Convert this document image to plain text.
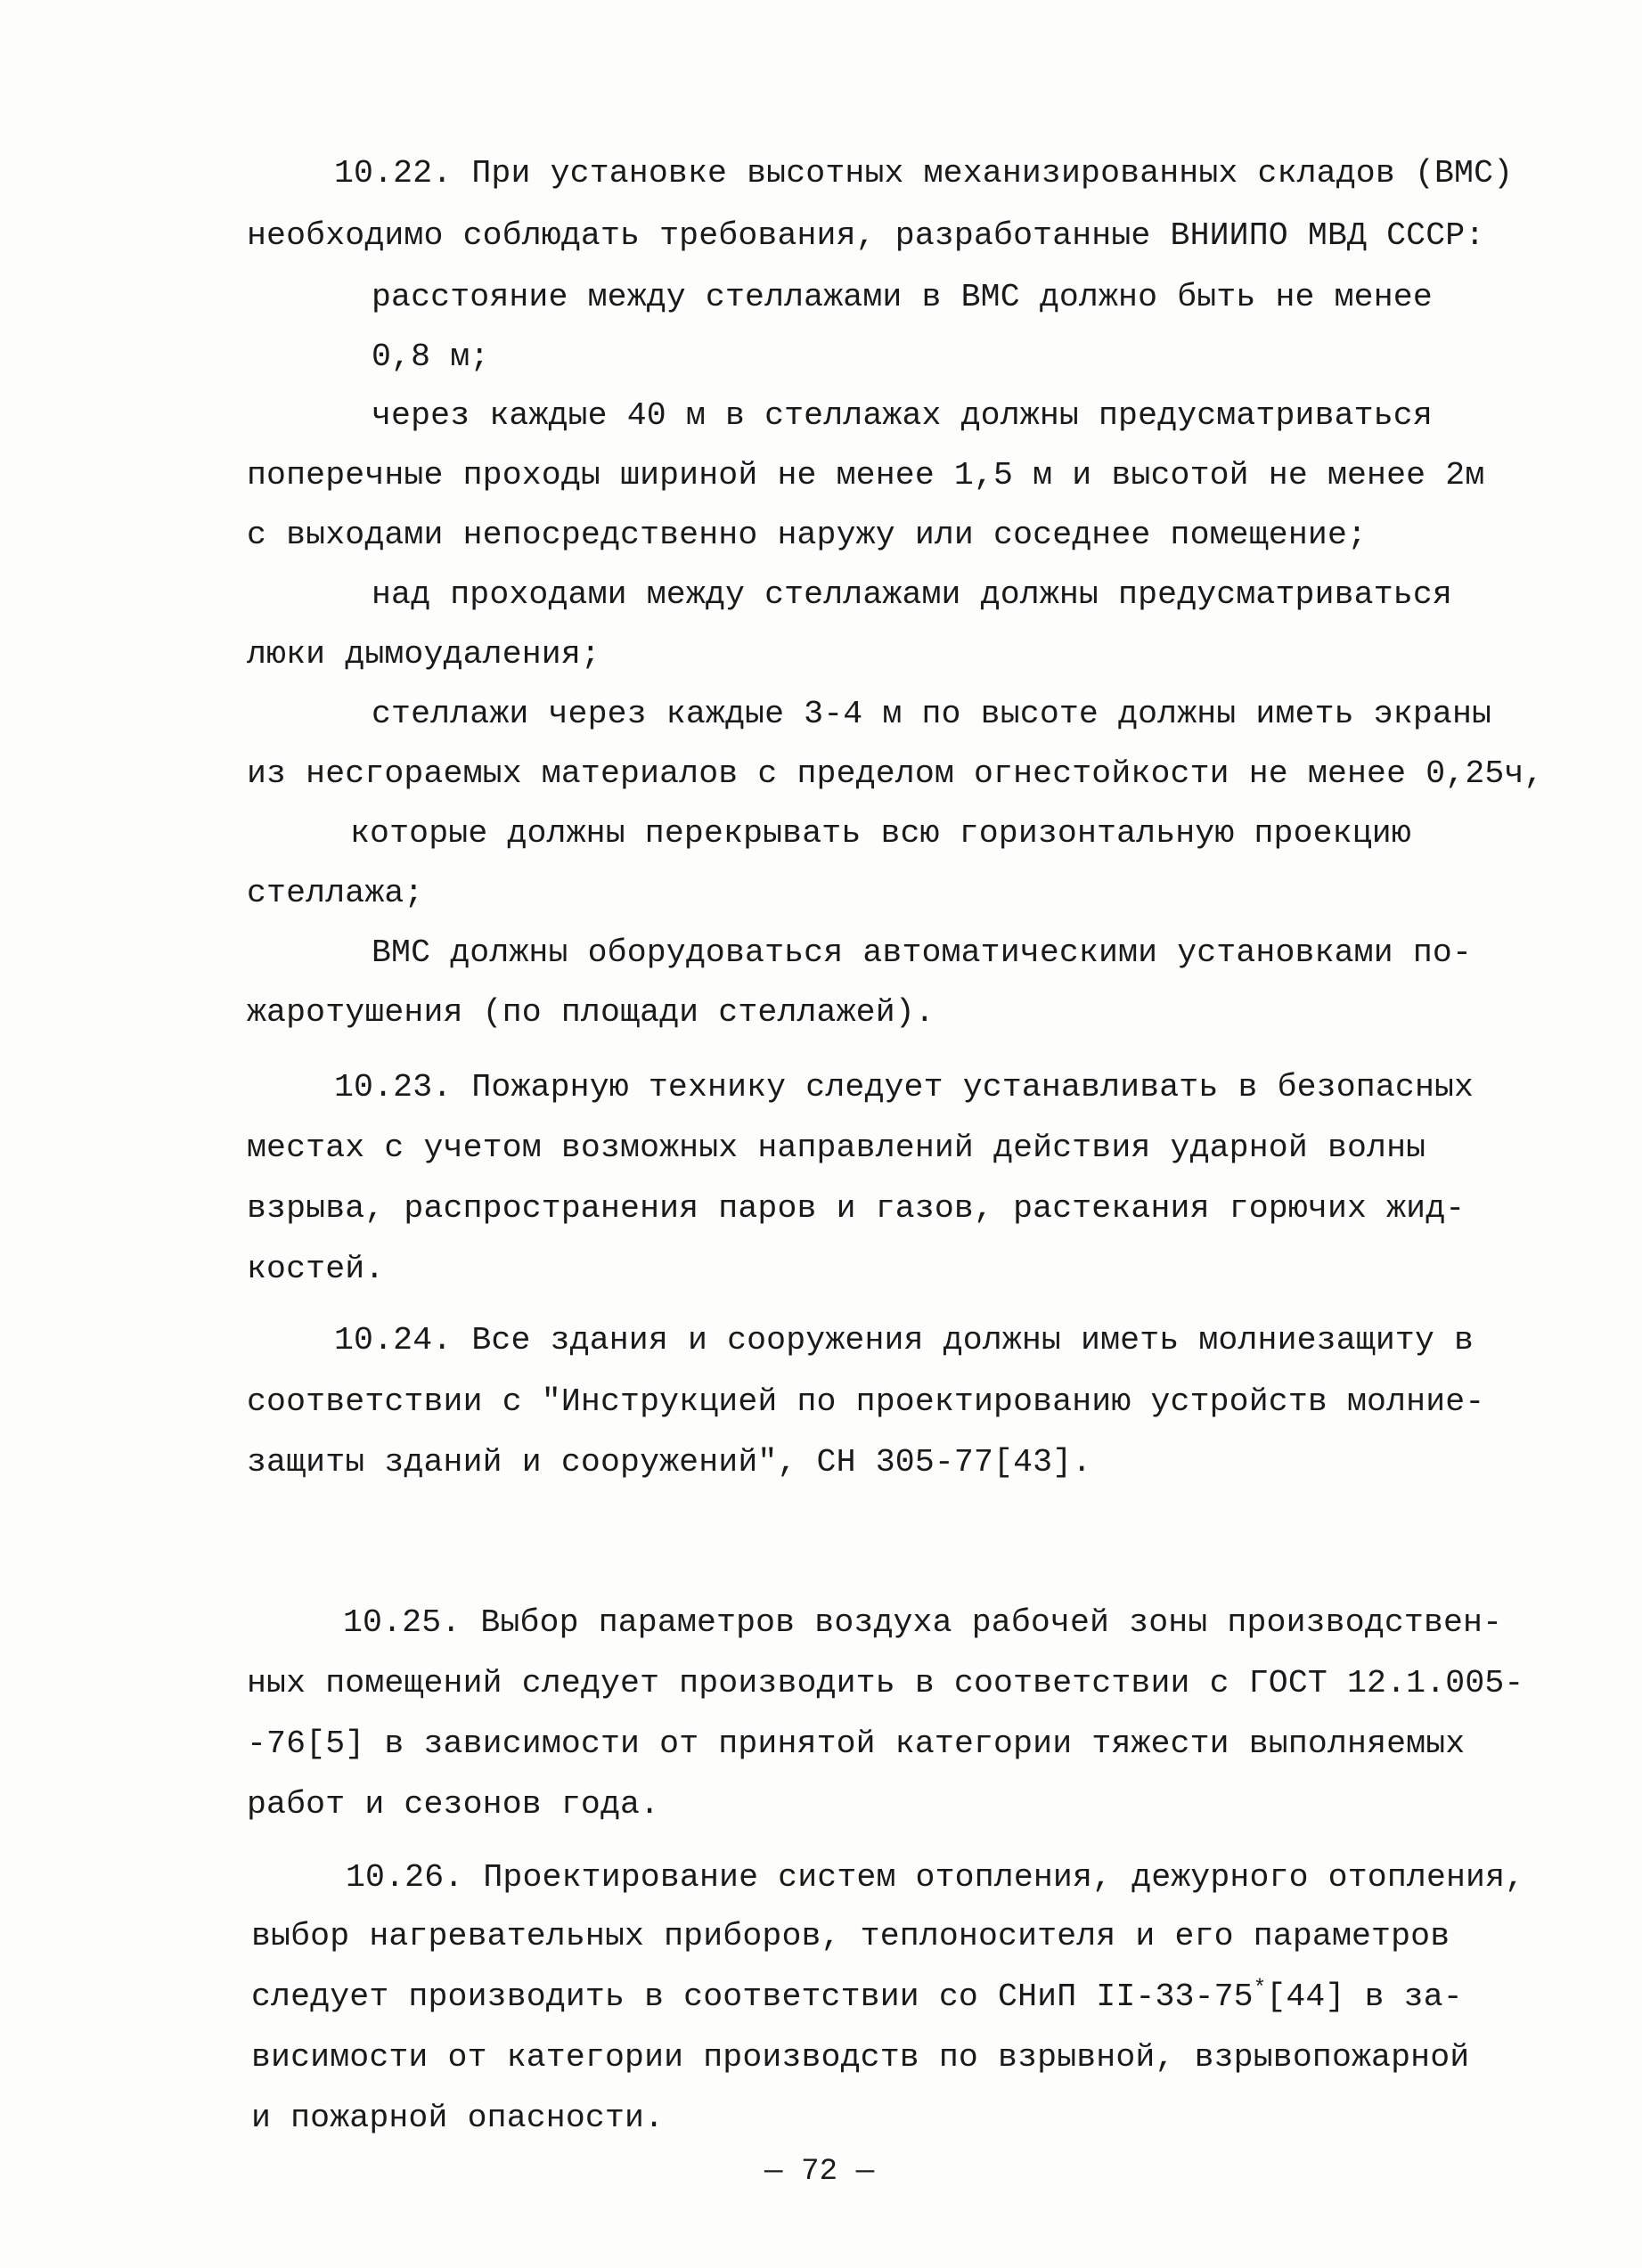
10.22. При установке высотных механизированных складов (ВМС)

необходимо соблюдать требования, разработанные ВНИИПО МВД СССР:

расстояние между стеллажами в ВМС должно быть не менее

0,8 м;

через каждые 40 м в стеллажах должны предусматриваться

поперечные проходы шириной не менее 1,5 м и высотой не менее 2м

с выходами непосредственно наружу или соседнее помещение;

над проходами между стеллажами должны предусматриваться

люки дымоудаления;

стеллажи через каждые 3-4 м по высоте должны иметь экраны

из несгораемых материалов с пределом огнестойкости не менее 0,25ч,

которые должны перекрывать всю горизонтальную проекцию

стеллажа;

ВМС должны оборудоваться автоматическими установками по-

жаротушения (по площади стеллажей).

10.23. Пожарную технику следует устанавливать в безопасных

местах с учетом возможных направлений действия ударной волны

взрыва, распространения паров и газов, растекания горючих жид-

костей.

10.24. Все здания и сооружения должны иметь молниезащиту в

соответствии с "Инструкцией по проектированию устройств молние-

защиты зданий и сооружений", СН 305-77[43].

10.25. Выбор параметров воздуха рабочей зоны производствен-

ных помещений следует производить в соответствии с ГОСТ 12.1.005-

-76[5] в зависимости от принятой категории тяжести выполняемых

работ и сезонов года.

10.26. Проектирование систем отопления, дежурного отопления,

выбор нагревательных приборов, теплоносителя и его параметров

следует производить в соответствии со СНиП II-33-75*[44] в за-

висимости от категории производств по взрывной, взрывопожарной

и пожарной опасности.

— 72 —
